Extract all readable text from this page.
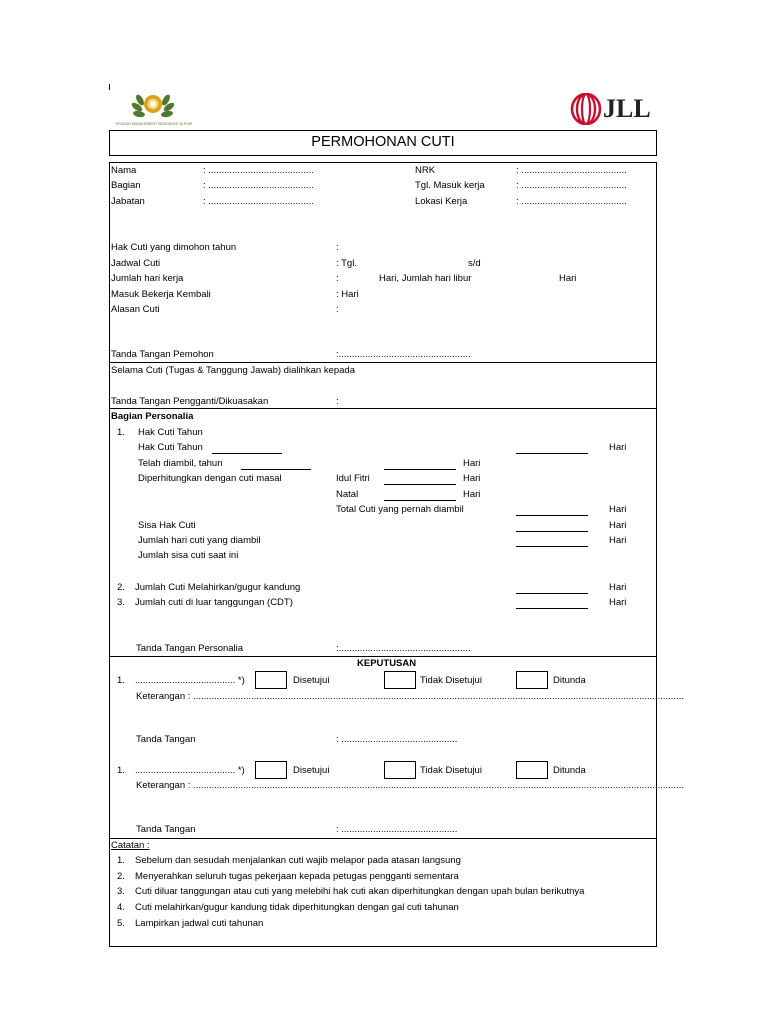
PIYANDO MANAGEMENT RESIDENCE @ PURI
JLL
PERMOHONAN CUTI
Nama	: ........................................
Bagian	: ........................................
Jabatan	: ........................................
NRK	: ........................................
Tgl. Masuk kerja	: ........................................
Lokasi Kerja	: ........................................
Hak Cuti yang dimohon tahun	:
Jadwal Cuti	: Tgl.	s/d
Jumlah hari kerja	:	Hari, Jumlah hari libur	Hari
Masuk Bekerja Kembali	: Hari
Alasan Cuti	:
Tanda Tangan Pemohon	:..................................................
Selama Cuti (Tugas & Tanggung Jawab) dialihkan kepada
Tanda Tangan Pengganti/Dikuasakan	:
Bagian Personalia
1. Hak Cuti Tahun
Hak Cuti Tahun	Hari
Telah diambil, tahun	Hari
Diperhitungkan dengan cuti masal	Idul Fitri	Hari
Natal	Hari
Total Cuti yang pernah diambil	Hari
Sisa Hak Cuti	Hari
Jumlah hari cuti yang diambil	Hari
Jumlah sisa cuti saat ini
2. Jumlah Cuti Melahirkan/gugur kandung	Hari
3. Jumlah cuti di luar tanggungan (CDT)	Hari
Tanda Tangan Personalia	:..................................................
KEPUTUSAN
1. ...................................... *)	Disetujui	Tidak Disetujui	Ditunda
Keterangan : ..........................................................................................................................................................................................
Tanda Tangan	: ............................................
1. ...................................... *)	Disetujui	Tidak Disetujui	Ditunda
Keterangan : ..........................................................................................................................................................................................
Tanda Tangan	: ............................................
Catatan :
1. Sebelum dan sesudah menjalankan cuti wajib melapor pada atasan langsung
2. Menyerahkan seluruh tugas pekerjaan kepada petugas pengganti sementara
3. Cuti diluar tanggungan atau cuti yang melebihi hak cuti akan diperhitungkan dengan upah bulan berikutnya
4. Cuti melahirkan/gugur kandung tidak diperhitungkan dengan gal cuti tahunan
5. Lampirkan jadwal cuti tahunan
